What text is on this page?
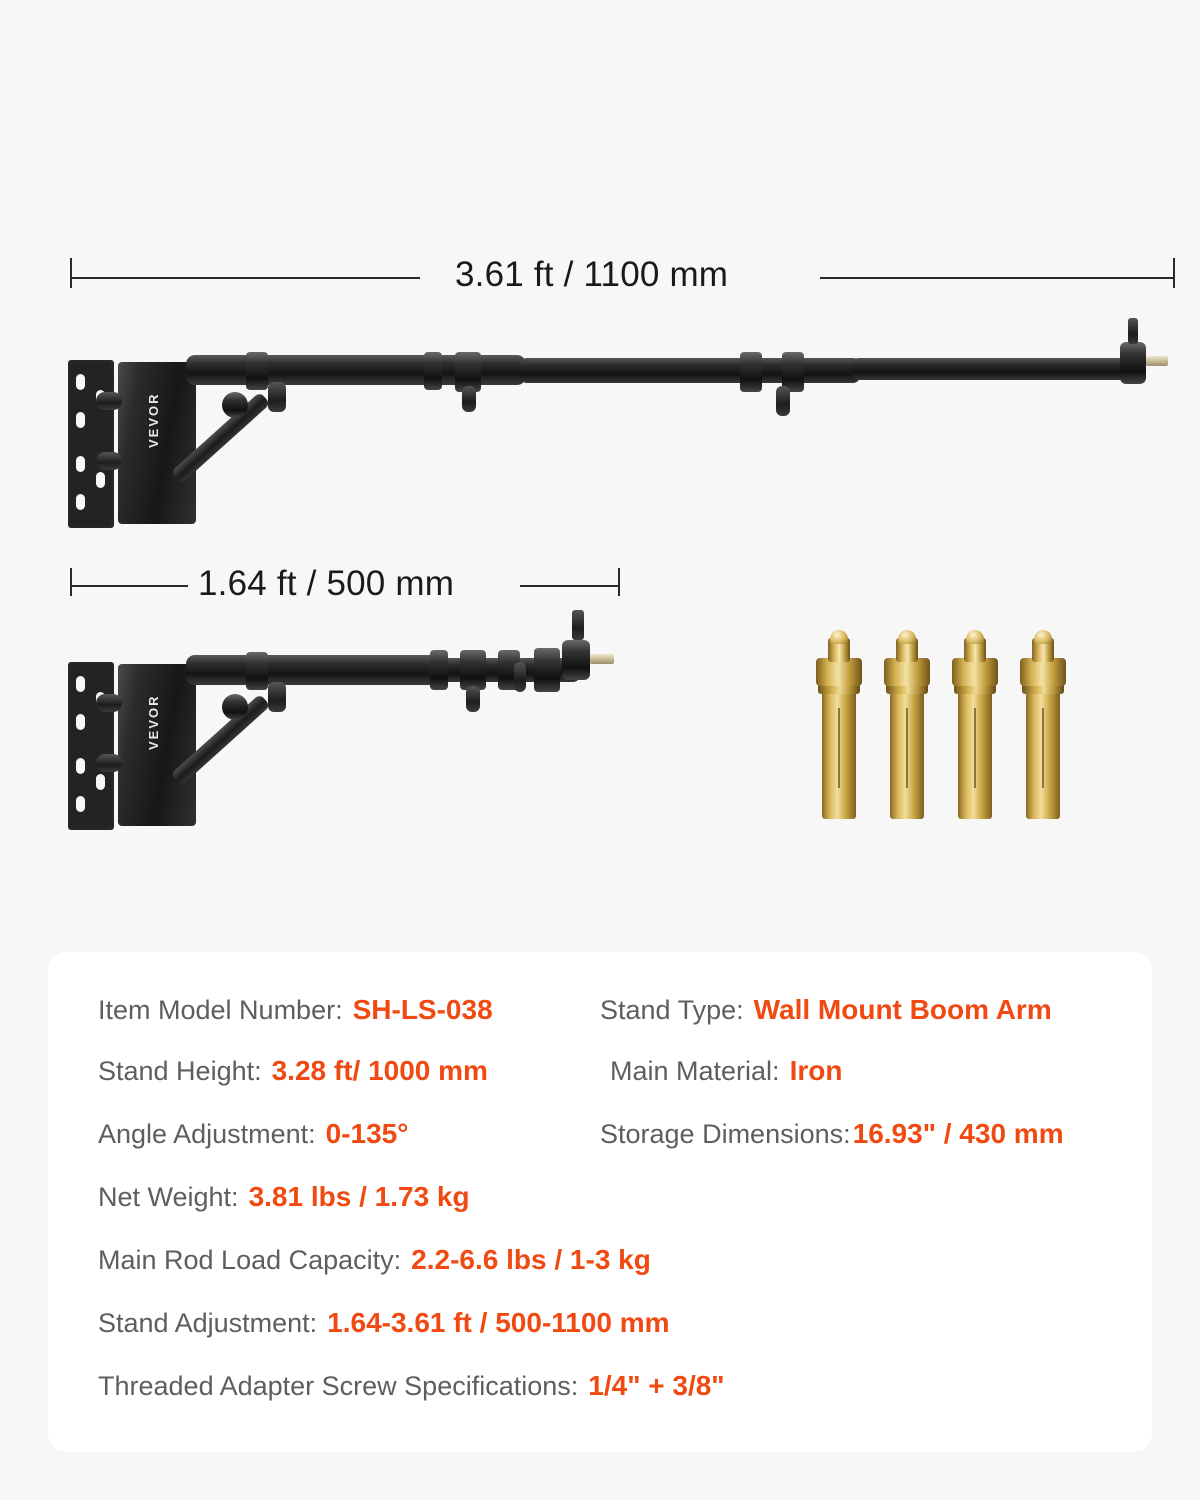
3.61 ft / 1100 mm
VEVOR
1.64 ft / 500 mm
VEVOR
Item Model Number: SH-LS-038	Stand Type: Wall Mount Boom Arm
Stand Height: 3.28 ft/ 1000 mm	Main Material: Iron
Angle Adjustment: 0-135°	Storage Dimensions: 16.93" / 430 mm
Net Weight: 3.81 lbs / 1.73 kg
Main Rod Load Capacity: 2.2-6.6 lbs / 1-3 kg
Stand Adjustment: 1.64-3.61 ft / 500-1100 mm
Threaded Adapter Screw Specifications: 1/4" + 3/8"
